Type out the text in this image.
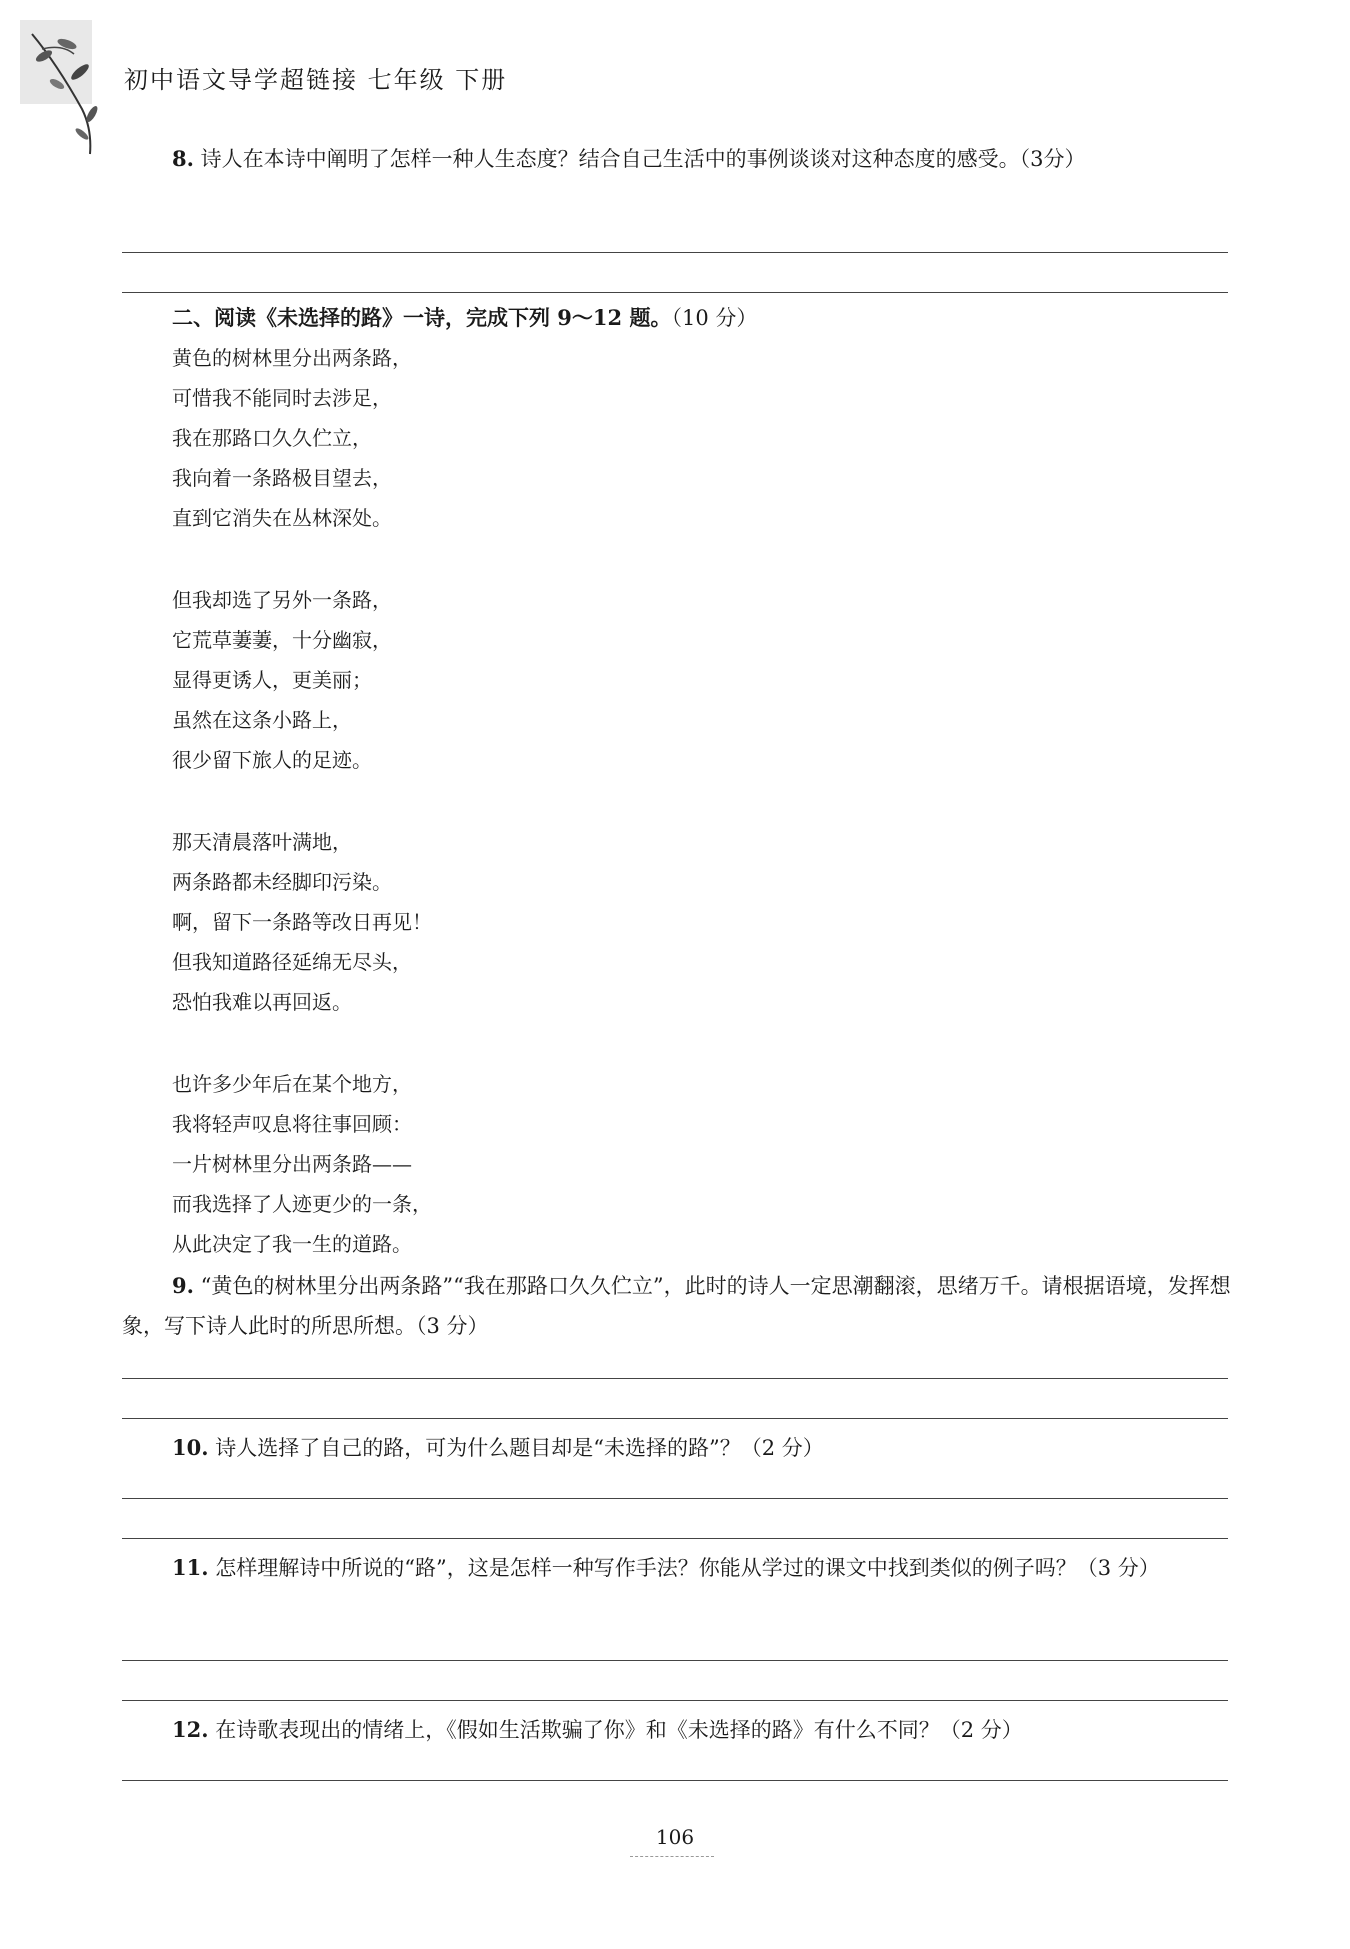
初中语文导学超链接 七年级 下册
8. 诗人在本诗中阐明了怎样一种人生态度？结合自己生活中的事例谈谈对这种态度的感受。（3分）
二、阅读《未选择的路》一诗，完成下列 9～12 题。（10 分）
黄色的树林里分出两条路，
可惜我不能同时去涉足，
我在那路口久久伫立，
我向着一条路极目望去，
直到它消失在丛林深处。
但我却选了另外一条路，
它荒草萋萋，十分幽寂，
显得更诱人，更美丽；
虽然在这条小路上，
很少留下旅人的足迹。
那天清晨落叶满地，
两条路都未经脚印污染。
啊，留下一条路等改日再见！
但我知道路径延绵无尽头，
恐怕我难以再回返。
也许多少年后在某个地方，
我将轻声叹息将往事回顾：
一片树林里分出两条路——
而我选择了人迹更少的一条，
从此决定了我一生的道路。
9. “黄色的树林里分出两条路”“我在那路口久久伫立”，此时的诗人一定思潮翻滚，思绪万千。请根据语境，发挥想象，写下诗人此时的所思所想。（3 分）
10. 诗人选择了自己的路，可为什么题目却是“未选择的路”？（2 分）
11. 怎样理解诗中所说的“路”，这是怎样一种写作手法？你能从学过的课文中找到类似的例子吗？（3 分）
12. 在诗歌表现出的情绪上，《假如生活欺骗了你》和《未选择的路》有什么不同？（2 分）
106
